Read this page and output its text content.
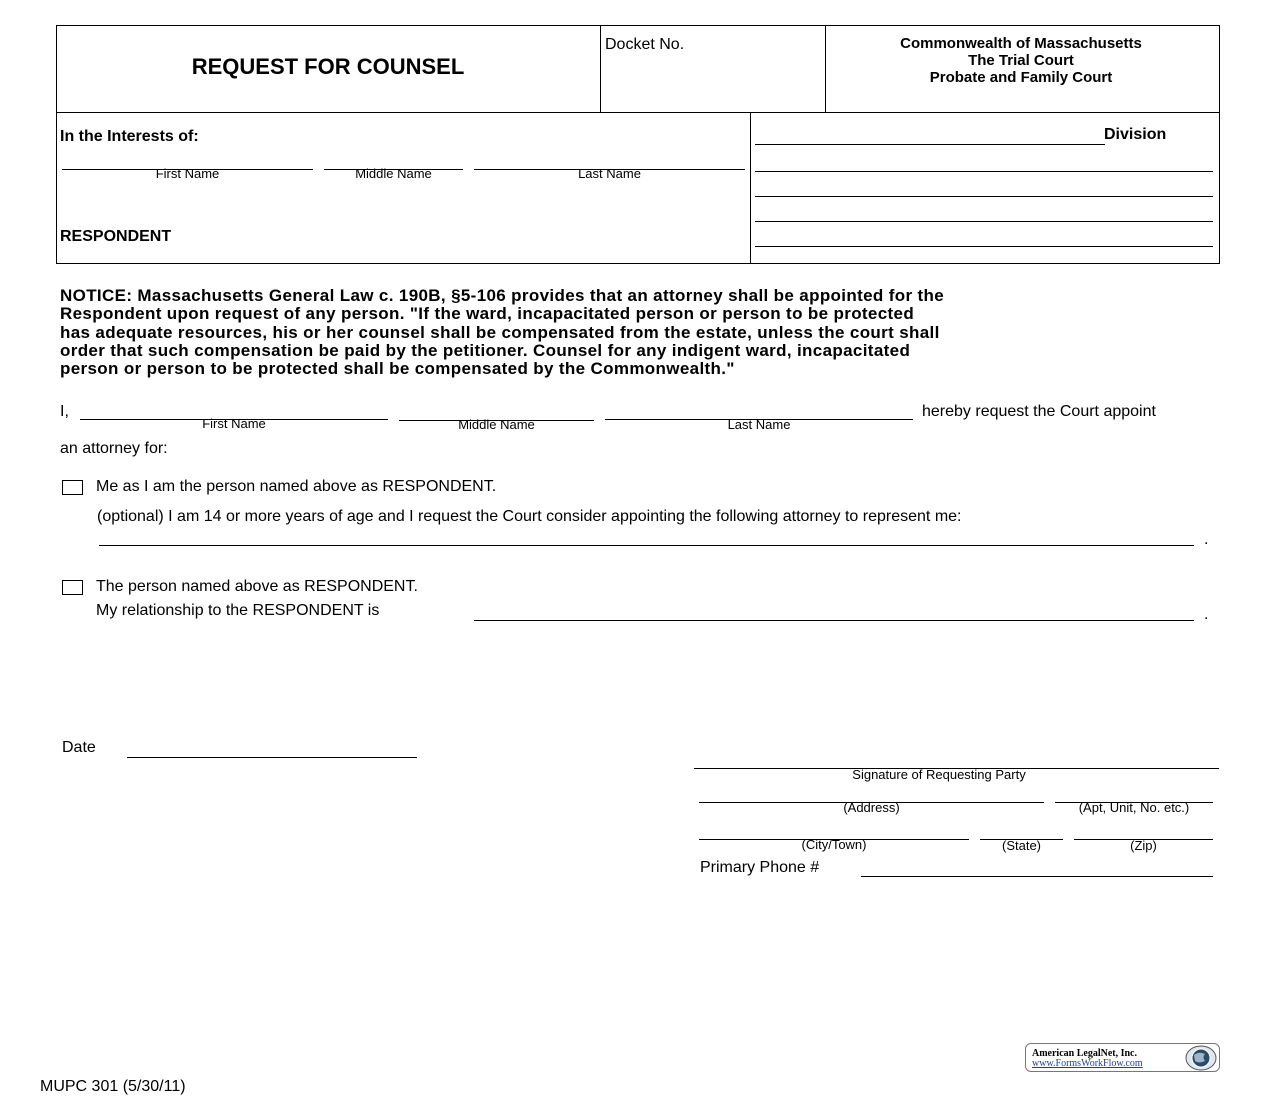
REQUEST FOR COUNSEL
Docket No.	Commonwealth of Massachusetts
The Trial Court
Probate and Family Court
In the Interests of:
First Name	Middle Name	Last Name
RESPONDENT
Division
NOTICE: Massachusetts General Law c. 190B, §5-106 provides that an attorney shall be appointed for the
Respondent upon request of any person. "If the ward, incapacitated person or person to be protected
has adequate resources, his or her counsel shall be compensated from the estate, unless the court shall
order that such compensation be paid by the petitioner. Counsel for any indigent ward, incapacitated
person or person to be protected shall be compensated by the Commonwealth."
I,
First Name	Middle Name	Last Name
hereby request the Court appoint
an attorney for:
Me as I am the person named above as RESPONDENT.
(optional) I am 14 or more years of age and I request the Court consider appointing the following attorney to represent me:
.
The person named above as RESPONDENT.
My relationship to the RESPONDENT is	.
Date
Signature of Requesting Party
(Address)	(Apt, Unit, No. etc.)
(City/Town)	(State)	(Zip)
Primary Phone #
MUPC 301 (5/30/11)
American LegalNet, Inc.
www.FormsWorkFlow.com
